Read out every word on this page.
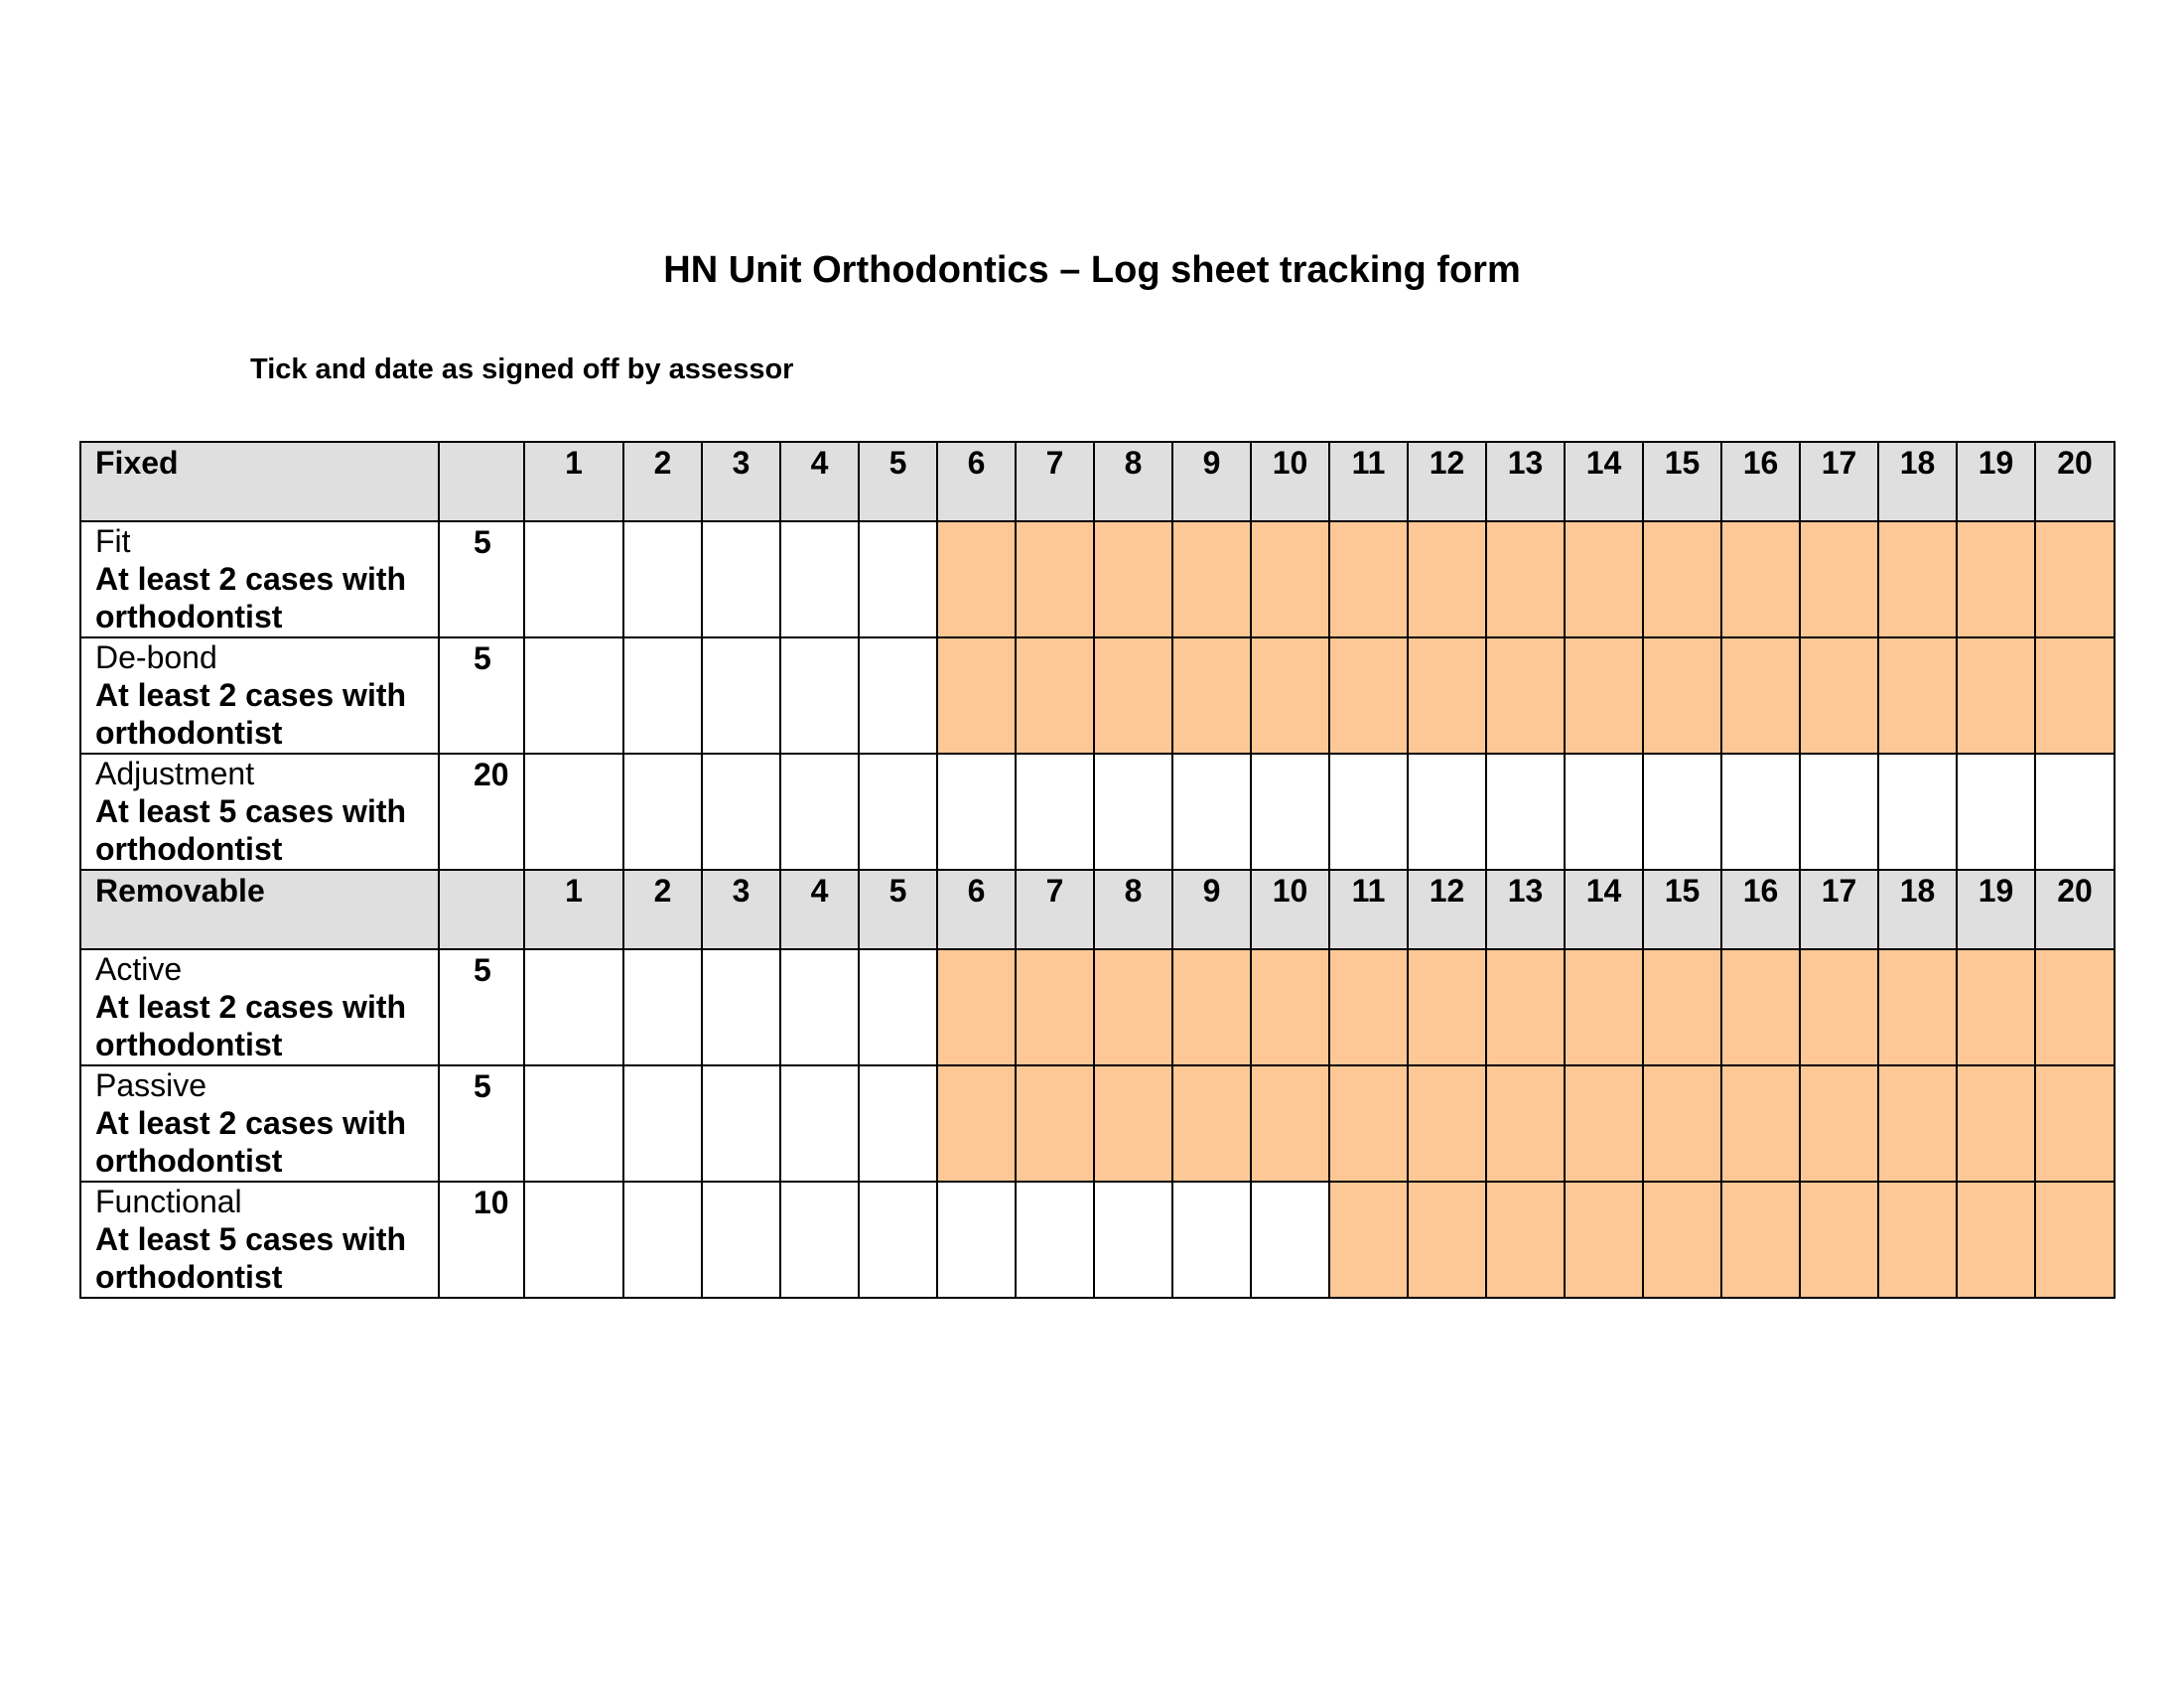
HN Unit Orthodontics – Log sheet tracking form
Tick and date as signed off by assessor
Fixed		1	2	3	4	5	6	7	8	9	10	11	12	13	14	15	16	17	18	19	20

Fit
At least 2 cases with orthodontist	5																				

De-bond
At least 2 cases with orthodontist	5																				

Adjustment
At least 5 cases with orthodontist	20																				
Removable		1	2	3	4	5	6	7	8	9	10	11	12	13	14	15	16	17	18	19	20

Active
At least 2 cases with orthodontist	5																				

Passive
At least 2 cases with orthodontist	5																				

Functional
At least 5 cases with orthodontist	10																				
